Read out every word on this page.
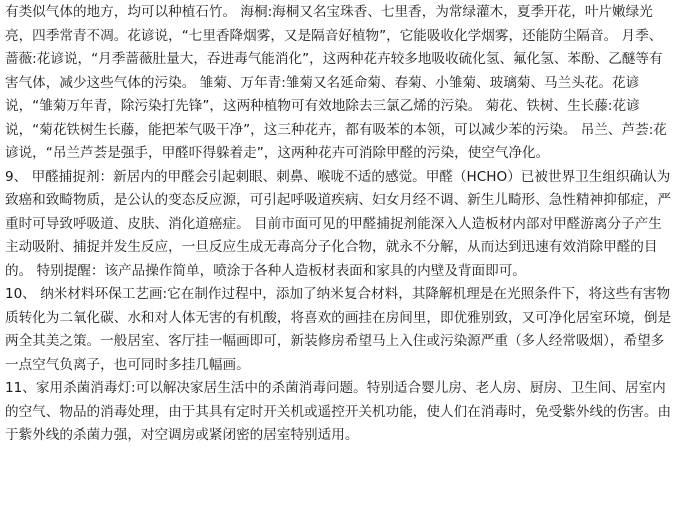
有类似气体的地方，均可以种植石竹。 海桐:海桐又名宝珠香、七里香，为常绿灌木，夏季开花，叶片嫩绿光亮，四季常青不凋。花谚说，“七里香降烟雾，又是隔音好植物”，它能吸收化学烟雾，还能防尘隔音。 月季、蔷薇:花谚说，“月季蔷薇肚量大，吞进毒气能消化”，这两种花卉较多地吸收硫化氢、氟化氢、苯酚、乙醚等有害气体，减少这些气体的污染。 雏菊、万年青:雏菊又名延命菊、春菊、小雏菊、玻璃菊、马兰头花。花谚说，“雏菊万年青，除污染打先锋”，这两种植物可有效地除去三氯乙烯的污染。 菊花、铁树、生长藤:花谚说，“菊花铁树生长藤，能把苯气吸干净”，这三种花卉，都有吸苯的本领，可以减少苯的污染。 吊兰、芦荟:花谚说，“吊兰芦荟是强手，甲醛吓得躲着走”，这两种花卉可消除甲醛的污染，使空气净化。

9、 甲醛捕捉剂：新居内的甲醛会引起刺眼、刺鼻、喉咙不适的感觉。甲醛（HCHO）已被世界卫生组织确认为致癌和致畸物质，是公认的变态反应源，可引起呼吸道疾病、妇女月经不调、新生儿畸形、急性精神抑郁症，严重时可导致呼吸道、皮肤、消化道癌症。 目前市面可见的甲醛捕捉剂能深入人造板材内部对甲醛游离分子产生主动吸附、捕捉并发生反应，一旦反应生成无毒高分子化合物，就永不分解，从而达到迅速有效消除甲醛的目的。 特别提醒：该产品操作简单，喷涂于各种人造板材表面和家具的内壁及背面即可。

10、 纳米材料环保工艺画:它在制作过程中，添加了纳米复合材料，其降解机理是在光照条件下，将这些有害物质转化为二氧化碳、水和对人体无害的有机酸，将喜欢的画挂在房间里，即优雅别致，又可净化居室环境，倒是两全其美之策。一般居室、客厅挂一幅画即可，新装修房希望马上入住或污染源严重（多人经常吸烟），希望多一点空气负离子，也可同时多挂几幅画。

11、家用杀菌消毒灯:可以解决家居生活中的杀菌消毒问题。特别适合婴儿房、老人房、厨房、卫生间、居室内的空气、物品的消毒处理，由于其具有定时开关机或遥控开关机功能，使人们在消毒时，免受紫外线的伤害。由于紫外线的杀菌力强，对空调房或紧闭密的居室特别适用。
